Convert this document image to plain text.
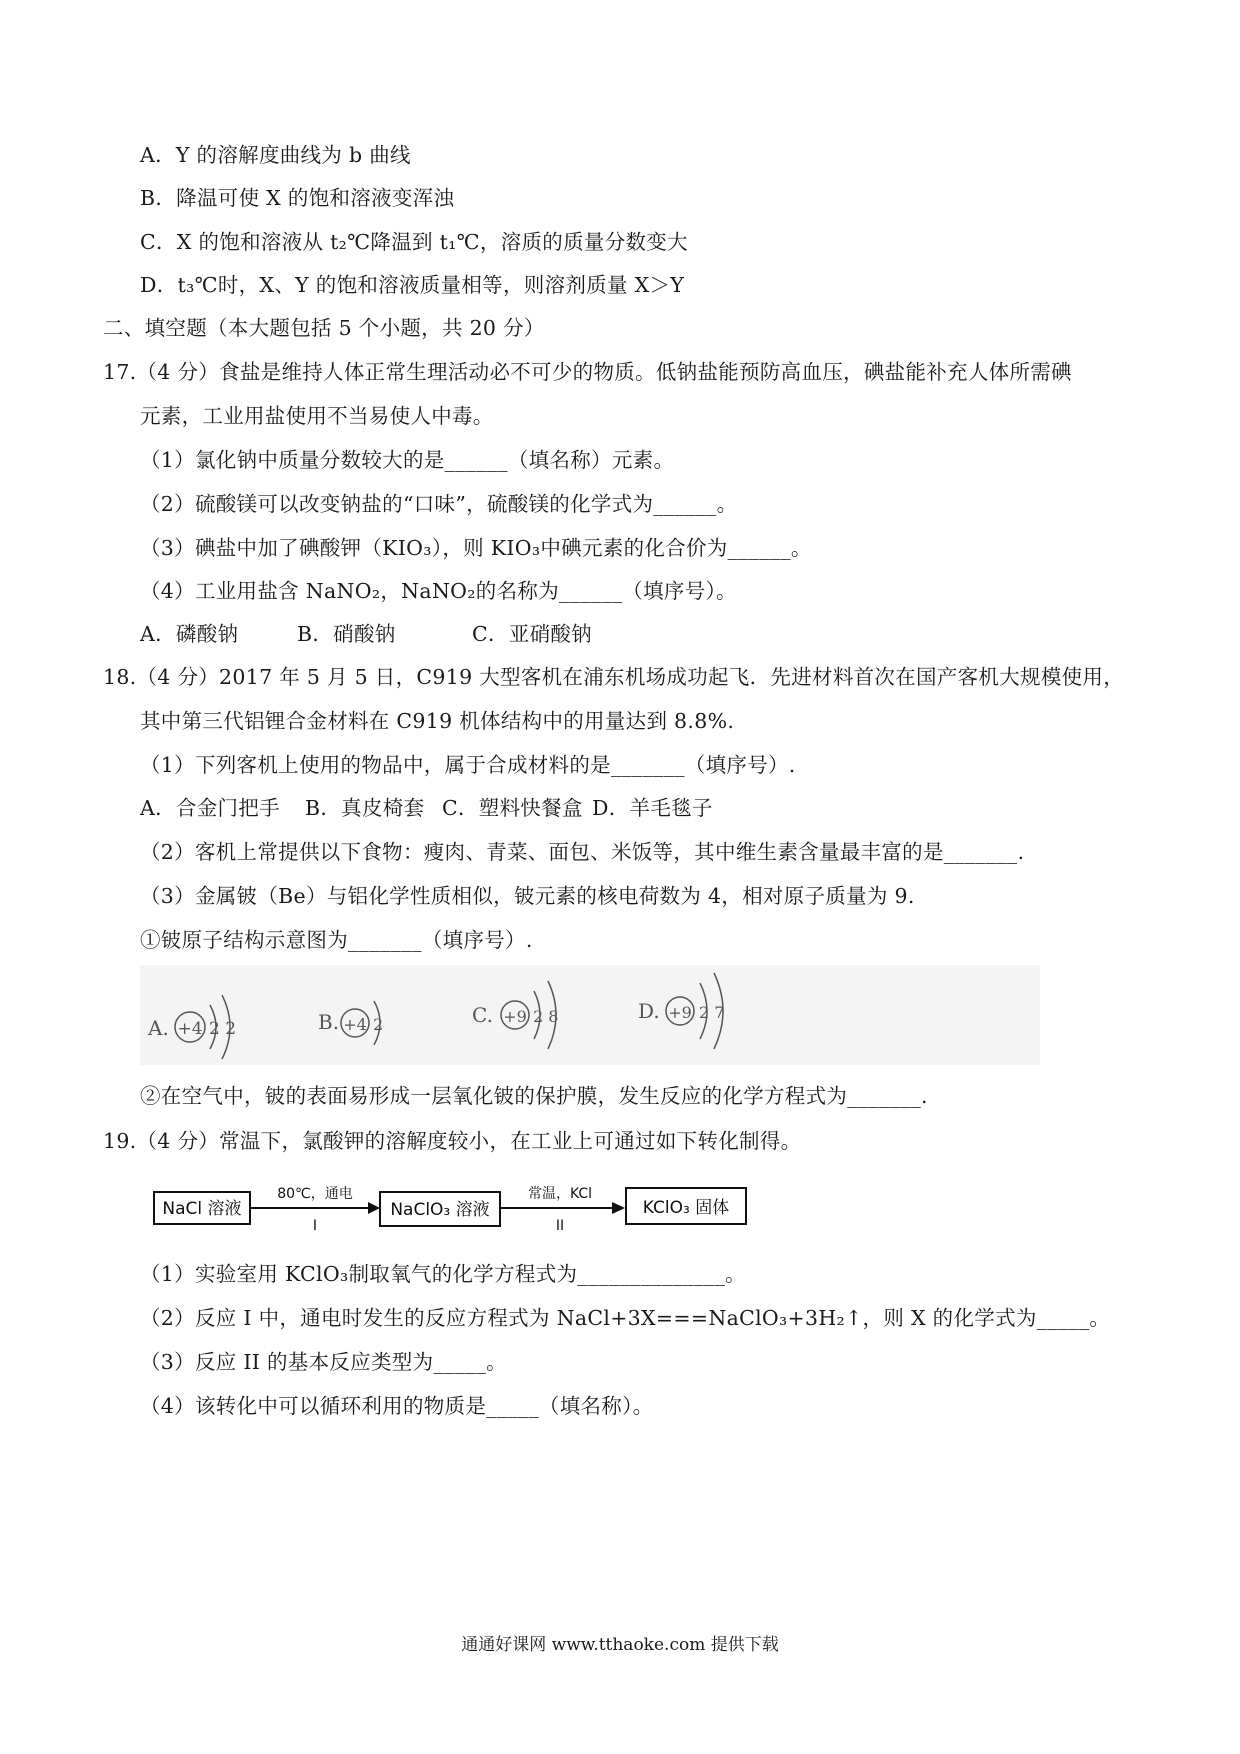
A．Y 的溶解度曲线为 b 曲线
B．降温可使 X 的饱和溶液变浑浊
C．X 的饱和溶液从 t₂℃降温到 t₁℃，溶质的质量分数变大
D．t₃℃时，X、Y 的饱和溶液质量相等，则溶剂质量 X＞Y
二、填空题（本大题包括 5 个小题，共 20 分）
17.（4 分）食盐是维持人体正常生理活动必不可少的物质。低钠盐能预防高血压，碘盐能补充人体所需碘
元素，工业用盐使用不当易使人中毒。
（1）氯化钠中质量分数较大的是______（填名称）元素。
（2）硫酸镁可以改变钠盐的“口味”，硫酸镁的化学式为______。
（3）碘盐中加了碘酸钾（KIO₃），则 KIO₃中碘元素的化合价为______。
（4）工业用盐含 NaNO₂，NaNO₂的名称为______（填序号）。
A．磷酸钠	B．硝酸钠	C．亚硝酸钠
18.（4 分）2017 年 5 月 5 日，C919 大型客机在浦东机场成功起飞．先进材料首次在国产客机大规模使用，
其中第三代铝锂合金材料在 C919 机体结构中的用量达到 8.8%.
（1）下列客机上使用的物品中，属于合成材料的是_______（填序号）.
A．合金门把手 B．真皮椅套 C．塑料快餐盒 D．羊毛毯子
（2）客机上常提供以下食物：瘦肉、青菜、面包、米饭等，其中维生素含量最丰富的是_______.
（3）金属铍（Be）与铝化学性质相似，铍元素的核电荷数为 4，相对原子质量为 9.
①铍原子结构示意图为_______（填序号）.
A. +4 2 2	B. +4 2	C. +9 2 8	D. +9 2 7
②在空气中，铍的表面易形成一层氧化铍的保护膜，发生反应的化学方程式为_______.
19.（4 分）常温下，氯酸钾的溶解度较小，在工业上可通过如下转化制得。
NaCl 溶液
80℃，通电
I
NaClO₃ 溶液
常温，KCl
II
KClO₃ 固体
（1）实验室用 KClO₃制取氧气的化学方程式为______________。
（2）反应 I 中，通电时发生的反应方程式为 NaCl+3X===NaClO₃+3H₂↑，则 X 的化学式为_____。
（3）反应 II 的基本反应类型为_____。
（4）该转化中可以循环利用的物质是_____（填名称）。
通通好课网 www.tthaoke.com 提供下载
